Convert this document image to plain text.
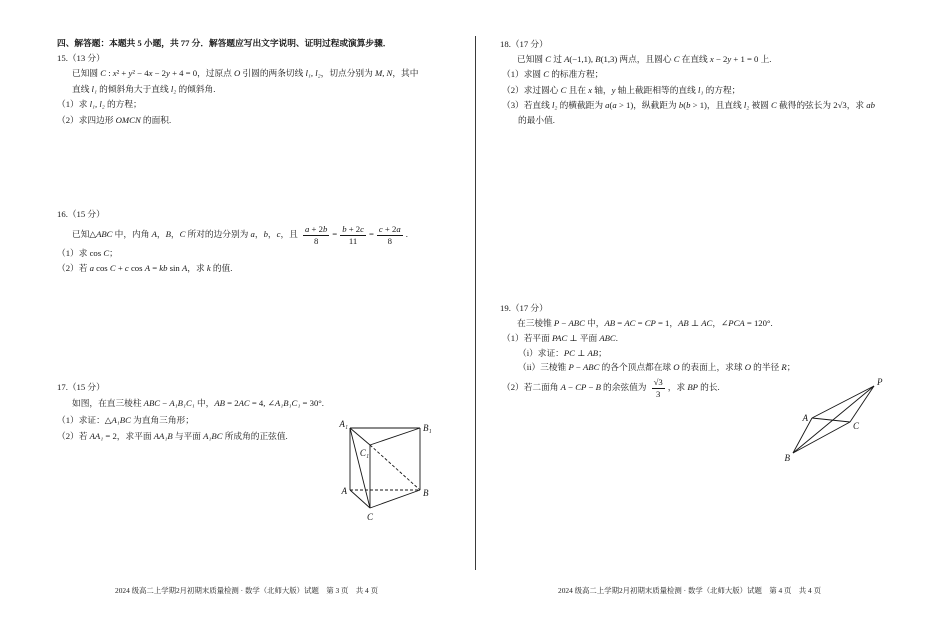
四、解答题：本题共 5 小题，共 77 分．解答题应写出文字说明、证明过程或演算步骤．
15.（13 分）
已知圆 C : x² + y² − 4x − 2y + 4 = 0，过原点 O 引圆的两条切线 l₁, l₂，切点分别为 M, N，其中
直线 l₁ 的倾斜角大于直线 l₂ 的倾斜角.
（1）求 l₁, l₂ 的方程；
（2）求四边形 OMCN 的面积.
16.（15 分）
已知△ABC 中，内角 A，B，C 所对的边分别为 a，b，c，且 $\frac{a + 2b}{8} = \frac{b + 2c}{11} = \frac{c + 2a}{8}$ .
（1）求 cos C；
（2）若 a cos C + c cos A = kb sin A，求 k 的值.
17.（15 分）
如图，在直三棱柱 ABC − A₁B₁C₁ 中，AB = 2AC = 4, ∠A₁B₁C₁ = 30°.
（1）求证：△A₁BC 为直角三角形；
（2）若 AA₁ = 2，求平面 AA₁B 与平面 A₁BC 所成角的正弦值.
A₁	B₁
C₁
A	B
C
18.（17 分）
已知圆 C 过 A(−1,1), B(1,3) 两点，且圆心 C 在直线 x − 2y + 1 = 0 上.
（1）求圆 C 的标准方程；
（2）求过圆心 C 且在 x 轴，y 轴上截距相等的直线 l₁ 的方程；
（3）若直线 l₂ 的横截距为 a(a > 1)，纵截距为 b(b > 1)，且直线 l₂ 被圆 C 截得的弦长为 2√3，求 ab
的最小值.
19.（17 分）
在三棱锥 P − ABC 中，AB = AC = CP = 1，AB ⊥ AC，∠PCA = 120°.
（1）若平面 PAC ⊥ 平面 ABC.
（i）求证：PC ⊥ AB；
（ii）三棱锥 P − ABC 的各个顶点都在球 O 的表面上，求球 O 的半径 R；
（2）若二面角 A − CP − B 的余弦值为 $\frac{√3}{3}$ ，求 BP 的长.	P
A
C
B
2024 级高二上学期2月初期末质量检测 · 数学（北师大版）试题　第 3 页　共 4 页	2024 级高二上学期2月初期末质量检测 · 数学（北师大版）试题　第 4 页　共 4 页
